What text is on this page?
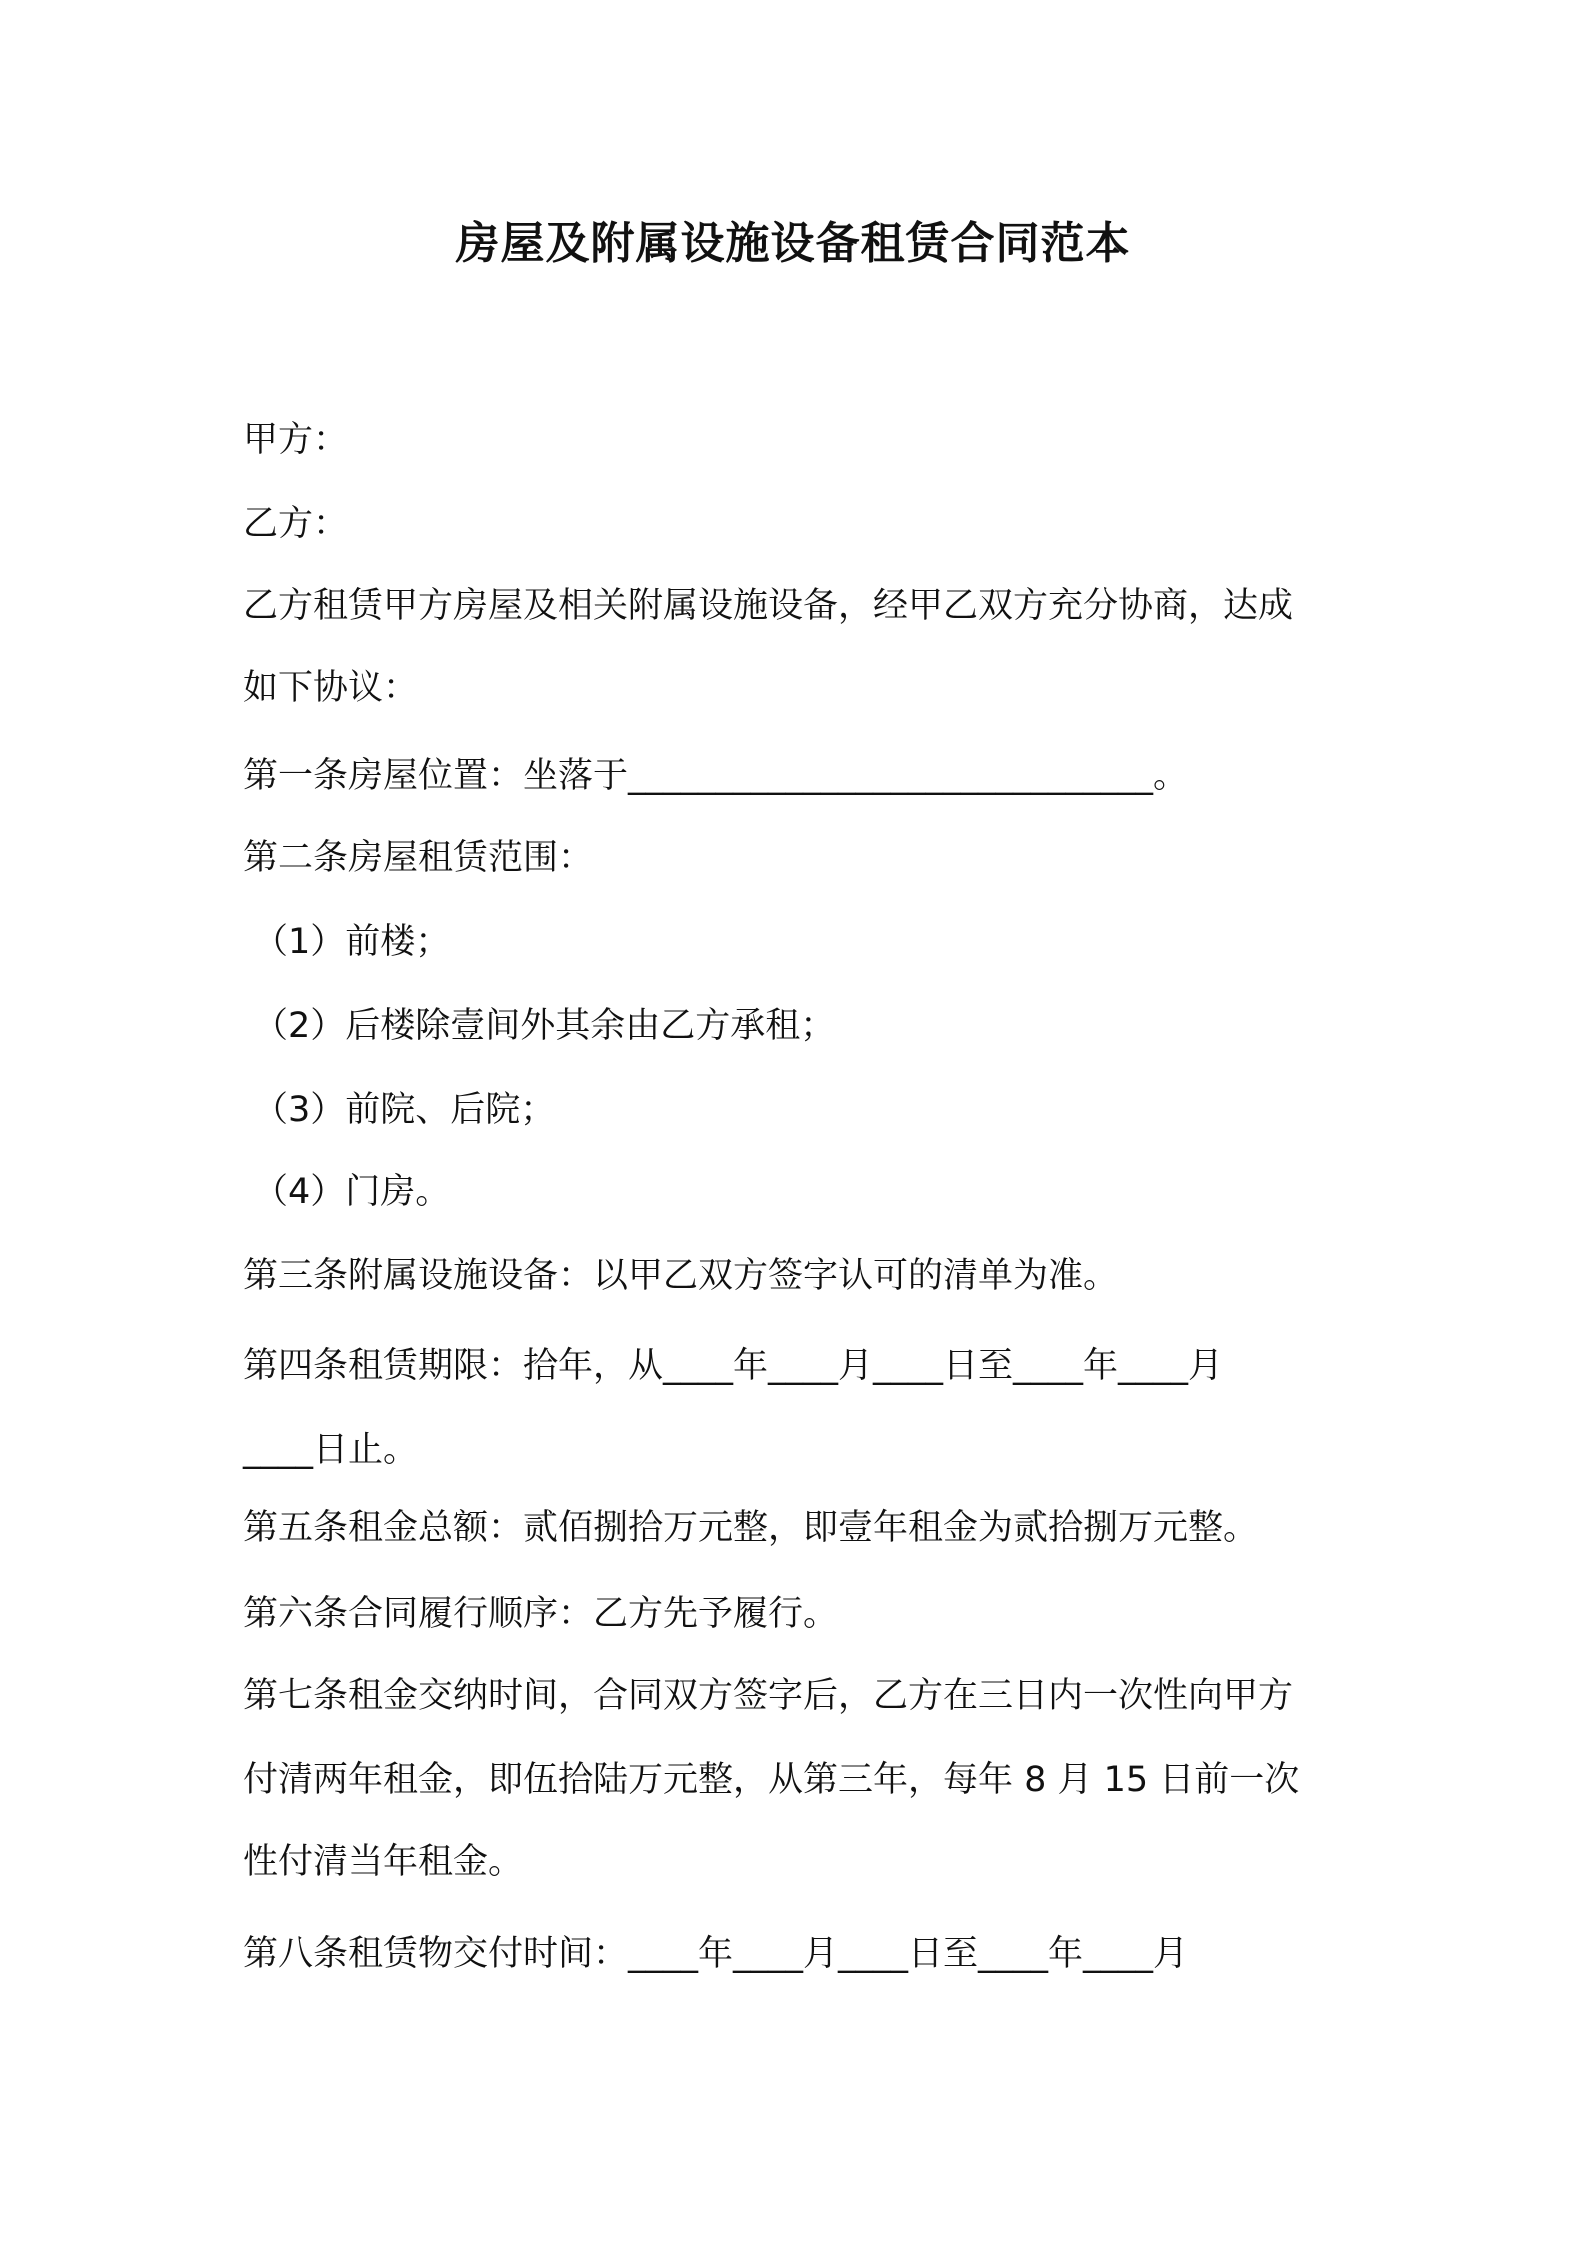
房屋及附属设施设备租赁合同范本
甲方：
乙方：
乙方租赁甲方房屋及相关附属设施设备，经甲乙双方充分协商，达成
如下协议：
第一条房屋位置：坐落于______________________________。
第二条房屋租赁范围：
（1）前楼；
（2）后楼除壹间外其余由乙方承租；
（3）前院、后院；
（4）门房。
第三条附属设施设备：以甲乙双方签字认可的清单为准。
第四条租赁期限：拾年，从____年____月____日至____年____月
____日止。
第五条租金总额：贰佰捌拾万元整，即壹年租金为贰拾捌万元整。
第六条合同履行顺序：乙方先予履行。
第七条租金交纳时间，合同双方签字后，乙方在三日内一次性向甲方
付清两年租金，即伍拾陆万元整，从第三年，每年 8 月 15 日前一次
性付清当年租金。
第八条租赁物交付时间：____年____月____日至____年____月
